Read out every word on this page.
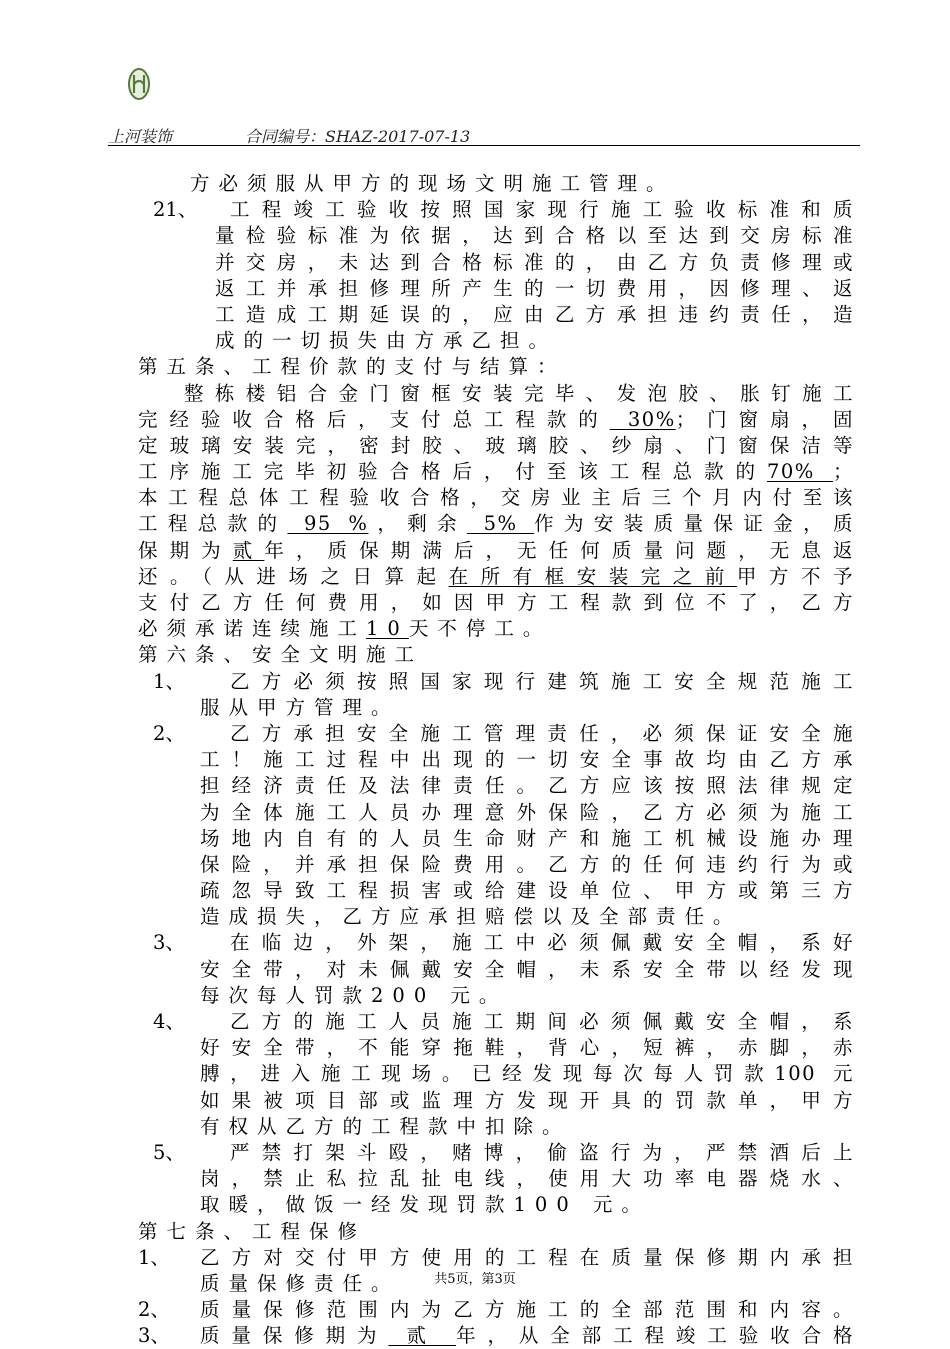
上河装饰	合同编号：SHAZ-2017-07-13
方必须服从甲方的现场文明施工管理。
21、 工程竣工验收按照国家现行施工验收标准和质
量检验标准为依据，达到合格以至达到交房标准
并交房，未达到合格标准的，由乙方负责修理或
返工并承担修理所产生的一切费用，因修理、返
工造成工期延误的，应由乙方承担违约责任，造
成的一切损失由方承乙担。
第五条、工程价款的支付与结算：
整栋楼铝合金门窗框安装完毕、发泡胶、胀钉施工
完经验收合格后，支付总工程款的 30%；门窗扇，固
定玻璃安装完，密封胶、玻璃胶、纱扇、门窗保洁等
工序施工完毕初验合格后，付至该工程总款的70% ；
本工程总体工程验收合格，交房业主后三个月内付至该
工程总款的 95 %，剩余 5% 作为安装质量保证金，质
保期为贰年，质保期满后，无任何质量问题，无息返
还。（从进场之日算起在所有框安装完之前甲方不予
支付乙方任何费用，如因甲方工程款到位不了，乙方
必须承诺连续施工10天不停工。
第六条、安全文明施工
1、 乙方必须按照国家现行建筑施工安全规范施工
服从甲方管理。
2、 乙方承担安全施工管理责任，必须保证安全施
工！施工过程中出现的一切安全事故均由乙方承
担经济责任及法律责任。乙方应该按照法律规定
为全体施工人员办理意外保险，乙方必须为施工
场地内自有的人员生命财产和施工机械设施办理
保险，并承担保险费用。乙方的任何违约行为或
疏忽导致工程损害或给建设单位、甲方或第三方
造成损失，乙方应承担赔偿以及全部责任。
3、 在临边，外架，施工中必须佩戴安全帽，系好
安全带，对未佩戴安全帽，未系安全带以经发现
每次每人罚款200 元。
4、 乙方的施工人员施工期间必须佩戴安全帽，系
好安全带，不能穿拖鞋，背心，短裤，赤脚，赤
膊，进入施工现场。已经发现每次每人罚款100 元
如果被项目部或监理方发现开具的罚款单，甲方
有权从乙方的工程款中扣除。
5、 严禁打架斗殴，赌博，偷盗行为，严禁酒后上
岗，禁止私拉乱扯电线，使用大功率电器烧水、
取暖，做饭一经发现罚款100 元。
第七条、工程保修
1、 乙方对交付甲方使用的工程在质量保修期内承担
质量保修责任。
2、 质量保修范围内为乙方施工的全部范围和内容。
3、 质量保修期为 贰 年，从全部工程竣工验收合格
共5页，第3页
